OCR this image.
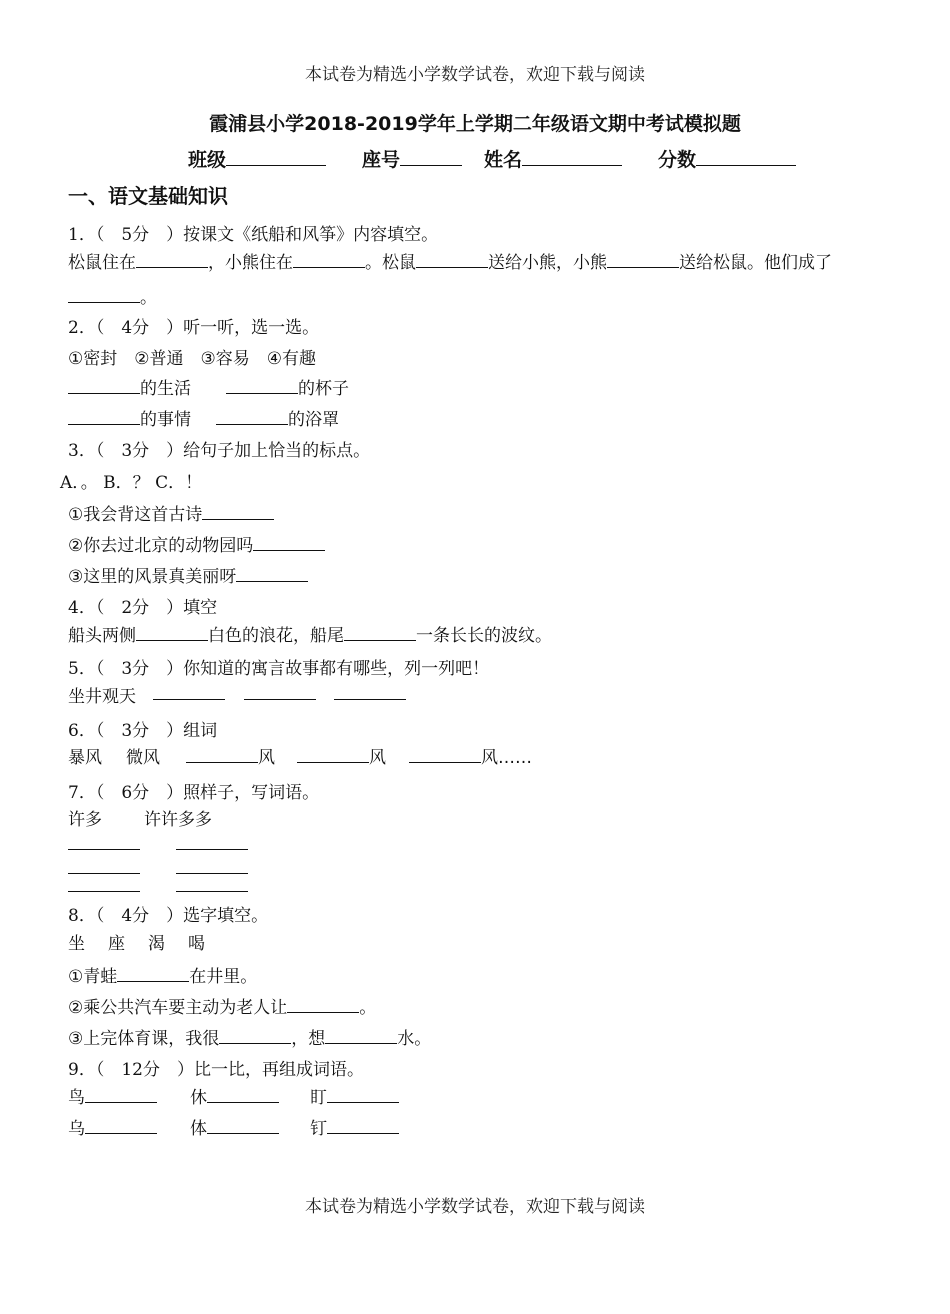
本试卷为精选小学数学试卷，欢迎下载与阅读
本试卷为精选小学数学试卷，欢迎下载与阅读
霞浦县小学2018-2019学年上学期二年级语文期中考试模拟题
班级	座号	姓名	分数
一、语文基础知识
1．（　5分　）按课文《纸船和风筝》内容填空。
松鼠住在	，小熊住在	。松鼠	送给小熊，小熊	送给松鼠。他们成了
。
2．（　4分　）听一听，选一选。
①密封　②普通　③容易　④有趣
的生活	的杯子
的事情	的浴罩
3．（　3分　）给句子加上恰当的标点。
A．。 B．？ C．！
①我会背这首古诗
②你去过北京的动物园吗
③这里的风景真美丽呀
4．（　2分　）填空
船头两侧	白色的浪花，船尾	一条长长的波纹。
5．（　3分　）你知道的寓言故事都有哪些，列一列吧！
坐井观天
6．（　3分　）组词
暴风 微风	风	风	风……
7．（　6分　）照样子，写词语。
许多 许许多多
8．（　4分　）选字填空。
坐 座 渴 喝
①青蛙	在井里。
②乘公共汽车要主动为老人让	。
③上完体育课，我很	，想	水。
9．（　12分　）比一比，再组成词语。
鸟	休	盯
乌	体	钉
